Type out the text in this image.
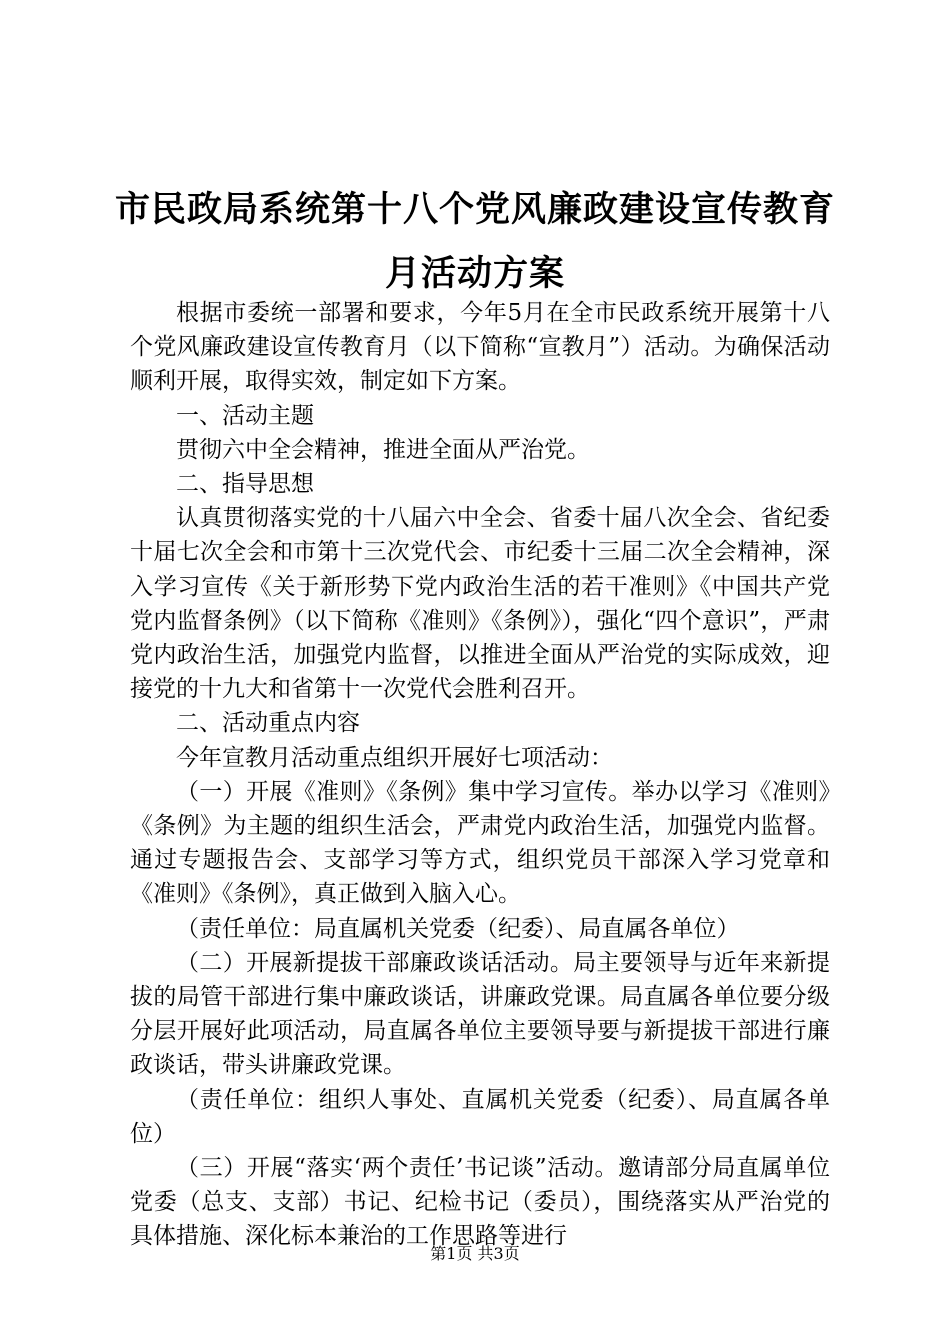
市民政局系统第十八个党风廉政建设宣传教育月活动方案

根据市委统一部署和要求，今年5月在全市民政系统开展第十八个党风廉政建设宣传教育月（以下简称“宣教月”）活动。为确保活动顺利开展，取得实效，制定如下方案。

一、活动主题

贯彻六中全会精神，推进全面从严治党。

二、指导思想

认真贯彻落实党的十八届六中全会、省委十届八次全会、省纪委十届七次全会和市第十三次党代会、市纪委十三届二次全会精神，深入学习宣传《关于新形势下党内政治生活的若干准则》《中国共产党党内监督条例》（以下简称《准则》《条例》），强化“四个意识”，严肃党内政治生活，加强党内监督，以推进全面从严治党的实际成效，迎接党的十九大和省第十一次党代会胜利召开。

二、活动重点内容

今年宣教月活动重点组织开展好七项活动：

（一）开展《准则》《条例》集中学习宣传。举办以学习《准则》《条例》为主题的组织生活会，严肃党内政治生活，加强党内监督。通过专题报告会、支部学习等方式，组织党员干部深入学习党章和《准则》《条例》，真正做到入脑入心。

（责任单位：局直属机关党委（纪委）、局直属各单位）

（二）开展新提拔干部廉政谈话活动。局主要领导与近年来新提拔的局管干部进行集中廉政谈话，讲廉政党课。局直属各单位要分级分层开展好此项活动，局直属各单位主要领导要与新提拔干部进行廉政谈话，带头讲廉政党课。

（责任单位：组织人事处、直属机关党委（纪委）、局直属各单位）

（三）开展“落实‘两个责任’书记谈”活动。邀请部分局直属单位党委（总支、支部）书记、纪检书记（委员），围绕落实从严治党的具体措施、深化标本兼治的工作思路等进行

第1页 共3页
